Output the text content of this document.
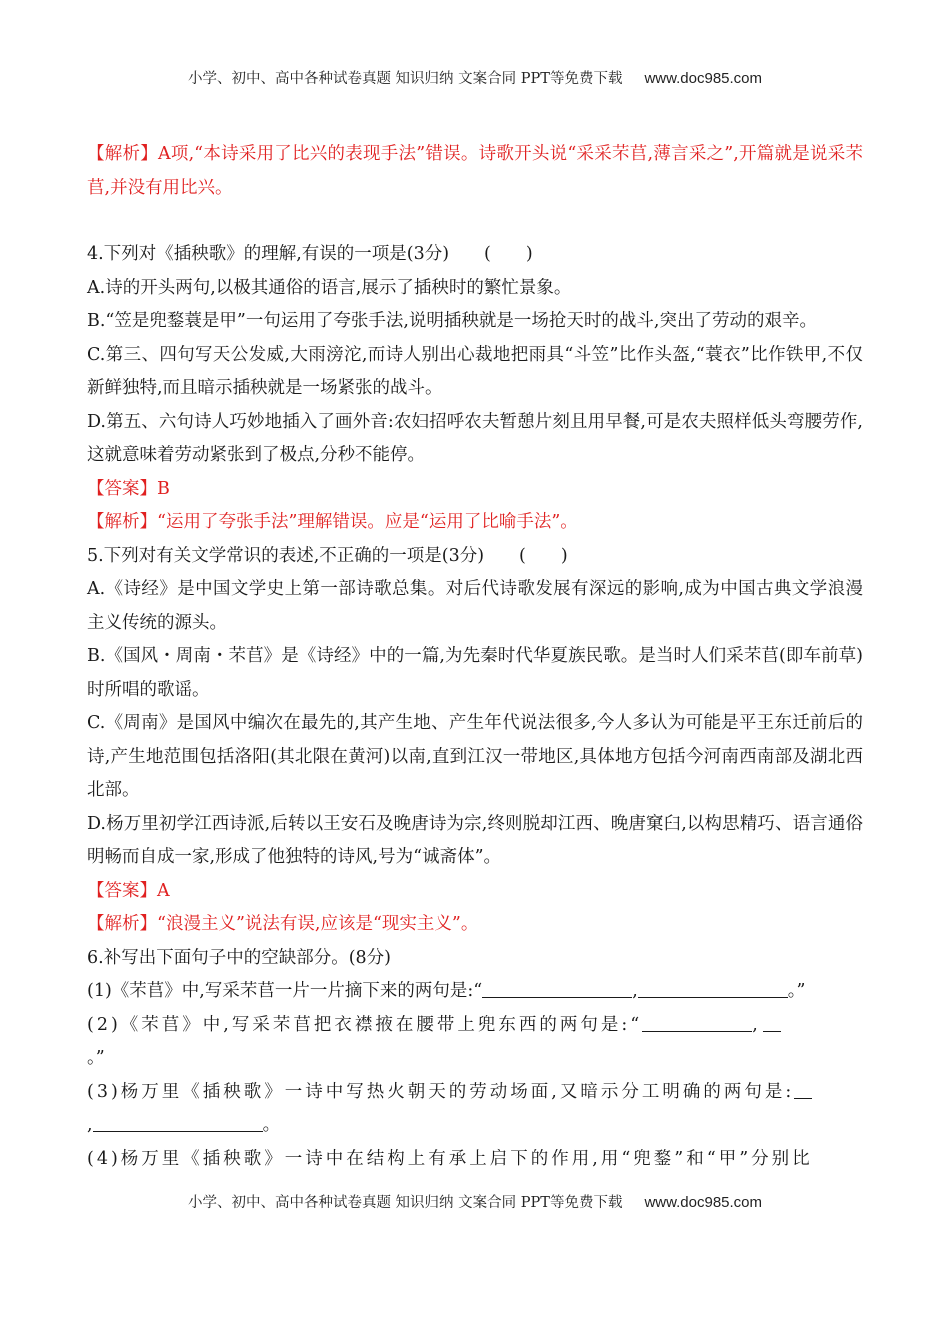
小学、初中、高中各种试卷真题 知识归纳 文案合同 PPT等免费下载 www.doc985.com

【解析】A项,“本诗采用了比兴的表现手法”错误。诗歌开头说“采采芣苢,薄言采之”,开篇就是说采芣苢,并没有用比兴。

4.下列对《插秧歌》的理解,有误的一项是(3分)　　(　　)

A.诗的开头两句,以极其通俗的语言,展示了插秧时的繁忙景象。

B.“笠是兜鍪蓑是甲”一句运用了夸张手法,说明插秧就是一场抢天时的战斗,突出了劳动的艰辛。

C.第三、四句写天公发威,大雨滂沱,而诗人别出心裁地把雨具“斗笠”比作头盔,“蓑衣”比作铁甲,不仅新鲜独特,而且暗示插秧就是一场紧张的战斗。

D.第五、六句诗人巧妙地插入了画外音:农妇招呼农夫暂憩片刻且用早餐,可是农夫照样低头弯腰劳作,这就意味着劳动紧张到了极点,分秒不能停。

【答案】B

【解析】“运用了夸张手法”理解错误。应是“运用了比喻手法”。

5.下列对有关文学常识的表述,不正确的一项是(3分)　　(　　)

A.《诗经》是中国文学史上第一部诗歌总集。对后代诗歌发展有深远的影响,成为中国古典文学浪漫主义传统的源头。

B.《国风・周南・芣苢》是《诗经》中的一篇,为先秦时代华夏族民歌。是当时人们采芣苢(即车前草)时所唱的歌谣。

C.《周南》是国风中编次在最先的,其产生地、产生年代说法很多,今人多认为可能是平王东迁前后的诗,产生地范围包括洛阳(其北限在黄河)以南,直到江汉一带地区,具体地方包括今河南西南部及湖北西北部。

D.杨万里初学江西诗派,后转以王安石及晚唐诗为宗,终则脱却江西、晚唐窠臼,以构思精巧、语言通俗明畅而自成一家,形成了他独特的诗风,号为“诚斋体”。

【答案】A

【解析】“浪漫主义”说法有误,应该是“现实主义”。

6.补写出下面句子中的空缺部分。(8分)

(1)《芣苢》中,写采芣苢一片一片摘下来的两句是:“	,	。”

(2)《芣苢》中,写采芣苢把衣襟掖在腰带上兜东西的两句是:“	,
。”

(3)杨万里《插秧歌》一诗中写热火朝天的劳动场面,又暗示分工明确的两句是:
,	。

(4)杨万里《插秧歌》一诗中在结构上有承上启下的作用,用“兜鍪”和“甲”分别比

小学、初中、高中各种试卷真题 知识归纳 文案合同 PPT等免费下载 www.doc985.com
